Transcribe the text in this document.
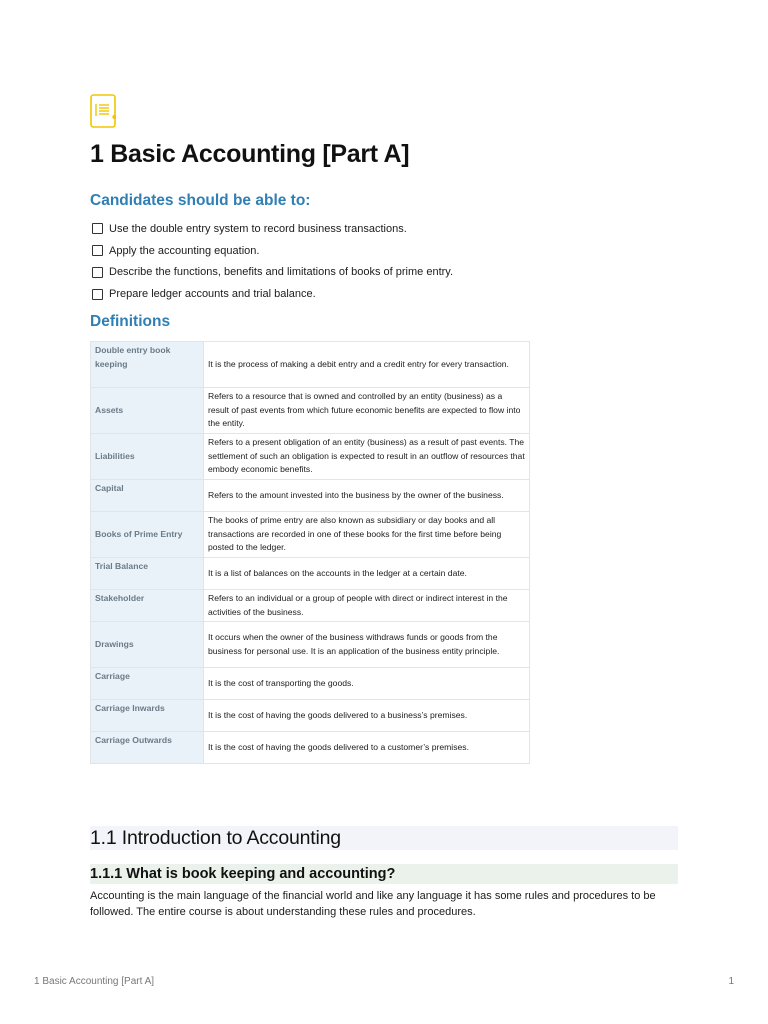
1 Basic Accounting [Part A]
Candidates should be able to:
Use the double entry system to record business transactions.
Apply the accounting equation.
Describe the functions, benefits and limitations of books of prime entry.
Prepare ledger accounts and trial balance.
Definitions
Double entry book keeping	It is the process of making a debit entry and a credit entry for every transaction.
Assets	Refers to a resource that is owned and controlled by an entity (business) as a result of past events from which future economic benefits are expected to flow into the entity.
Liabilities	Refers to a present obligation of an entity (business) as a result of past events. The settlement of such an obligation is expected to result in an outflow of resources that embody economic benefits.
Capital	Refers to the amount invested into the business by the owner of the business.
Books of Prime Entry	The books of prime entry are also known as subsidiary or day books and all transactions are recorded in one of these books for the first time before being posted to the ledger.
Trial Balance	It is a list of balances on the accounts in the ledger at a certain date.
Stakeholder	Refers to an individual or a group of people with direct or indirect interest in the activities of the business.
Drawings	It occurs when the owner of the business withdraws funds or goods from the business for personal use. It is an application of the business entity principle.
Carriage	It is the cost of transporting the goods.
Carriage Inwards	It is the cost of having the goods delivered to a business’s premises.
Carriage Outwards	It is the cost of having the goods delivered to a customer’s premises.
1.1 Introduction to Accounting
1.1.1 What is book keeping and accounting?

Accounting is the main language of the financial world and like any language it has some rules and procedures to be followed. The entire course is about understanding these rules and procedures.

1 Basic Accounting [Part A]	1
